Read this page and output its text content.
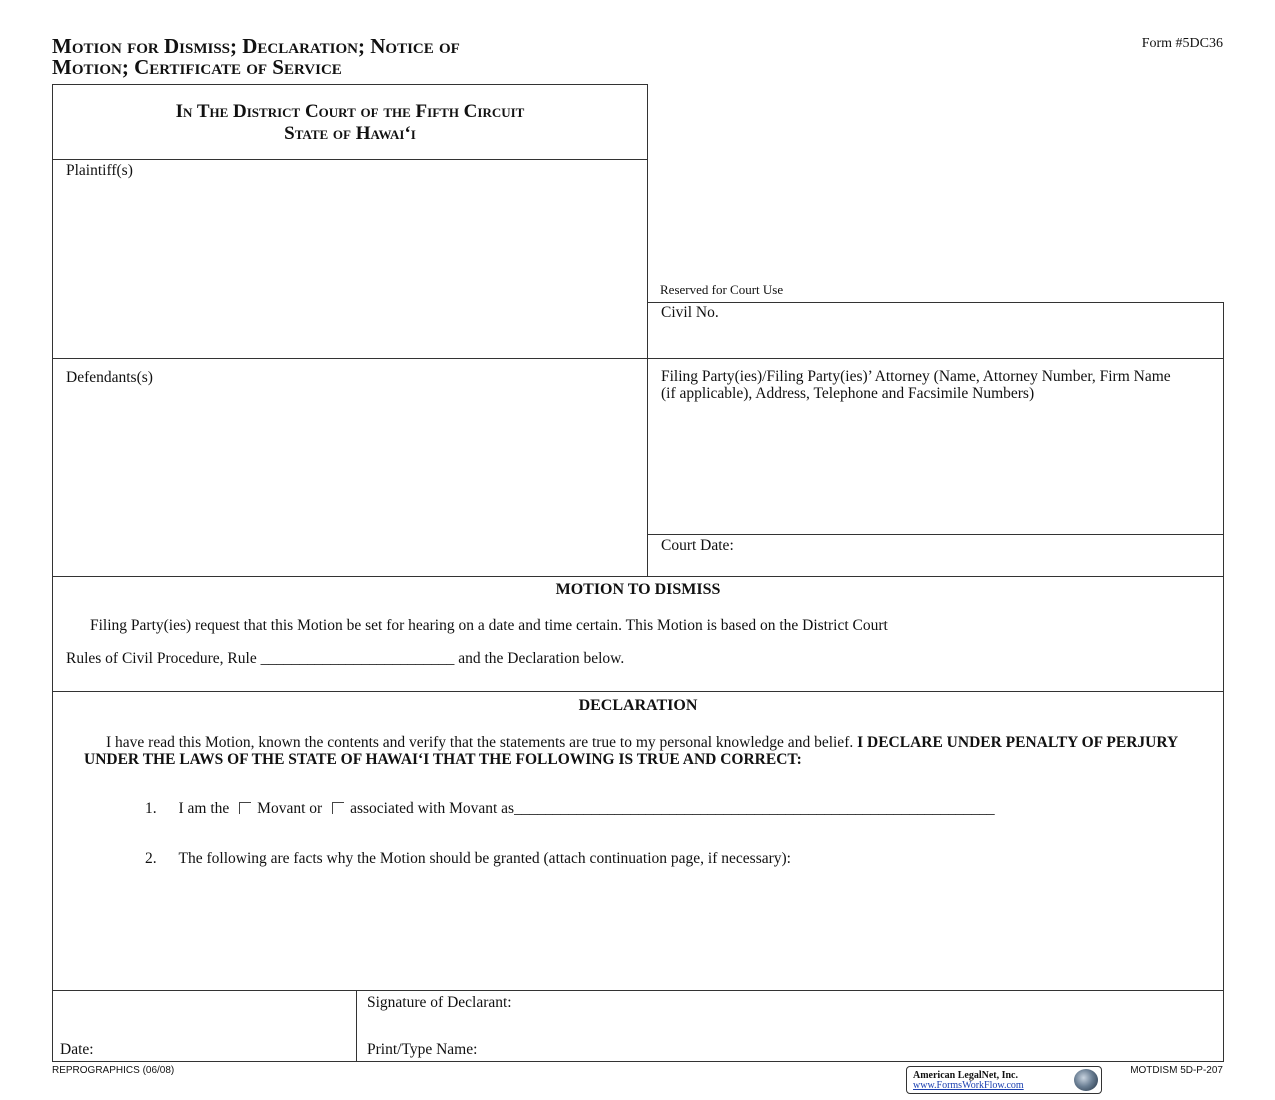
Motion for Dismiss; Declaration; Notice of
Motion; Certificate of Service
Form #5DC36
In The District Court of the Fifth Circuit
State of Hawai‘i
Plaintiff(s)
Reserved for Court Use
Civil No.
Defendants(s)	Filing Party(ies)/Filing Party(ies)’ Attorney (Name, Attorney Number, Firm Name (if applicable), Address, Telephone and Facsimile Numbers)
Court Date:
MOTION TO DISMISS
Filing Party(ies) request that this Motion be set for hearing on a date and time certain. This Motion is based on the District Court
Rules of Civil Procedure, Rule _________________________ and the Declaration below.
DECLARATION
I have read this Motion, known the contents and verify that the statements are true to my personal knowledge and belief. I DECLARE UNDER PENALTY OF PERJURY UNDER THE LAWS OF THE STATE OF HAWAI‘I THAT THE FOLLOWING IS TRUE AND CORRECT:
1. I am the Movant or associated with Movant as______________________________________________________________
2. The following are facts why the Motion should be granted (attach continuation page, if necessary):
Date:
Signature of Declarant:
Print/Type Name:
REPROGRAPHICS (06/08)	American LegalNet, Inc.
www.FormsWorkFlow.com
MOTDISM 5D-P-207
